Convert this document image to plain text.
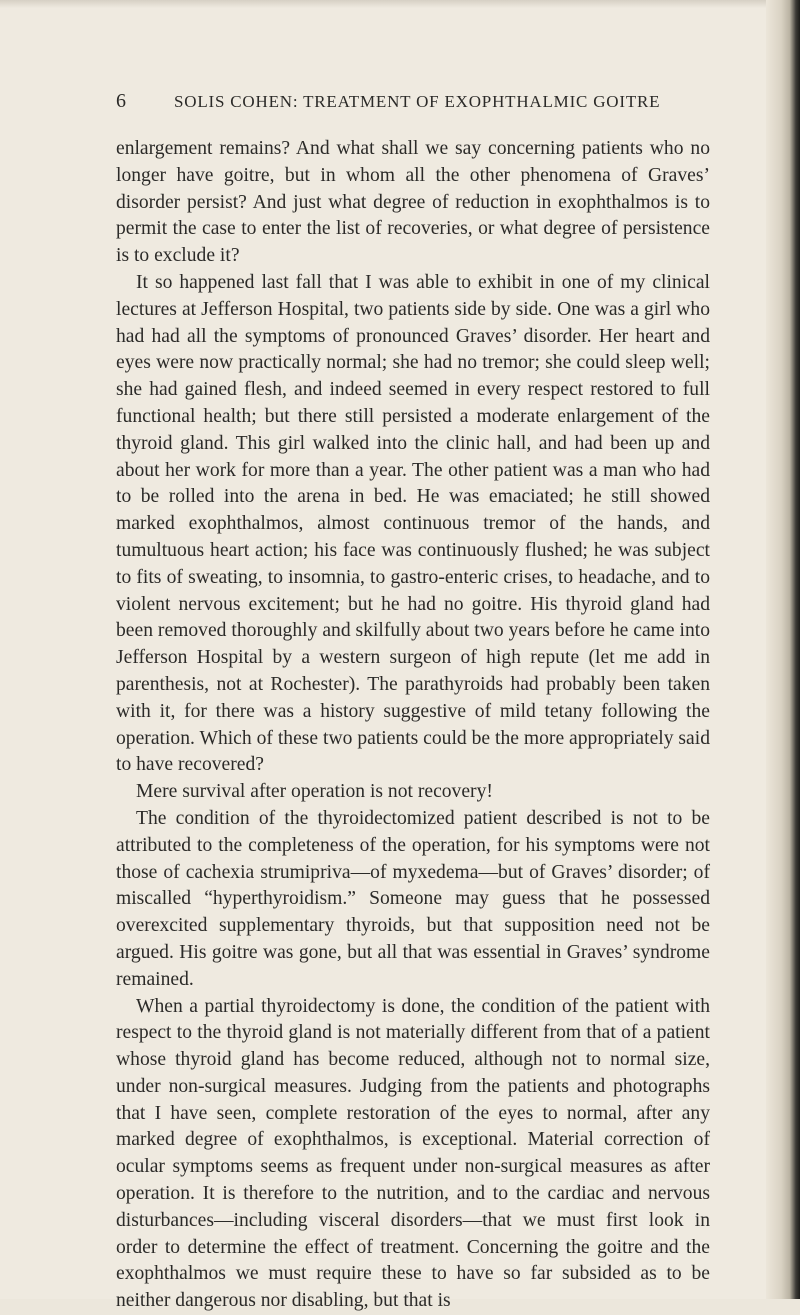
6	SOLIS COHEN: TREATMENT OF EXOPHTHALMIC GOITRE

enlargement remains? And what shall we say concerning patients who no longer have goitre, but in whom all the other phenomena of Graves’ disorder persist? And just what degree of reduction in exophthalmos is to permit the case to enter the list of recoveries, or what degree of persistence is to exclude it?

It so happened last fall that I was able to exhibit in one of my clinical lectures at Jefferson Hospital, two patients side by side. One was a girl who had had all the symptoms of pronounced Graves’ disorder. Her heart and eyes were now practically normal; she had no tremor; she could sleep well; she had gained flesh, and indeed seemed in every respect restored to full functional health; but there still persisted a moderate enlargement of the thyroid gland. This girl walked into the clinic hall, and had been up and about her work for more than a year. The other patient was a man who had to be rolled into the arena in bed. He was emaciated; he still showed marked exophthalmos, almost continuous tremor of the hands, and tumultuous heart action; his face was continuously flushed; he was subject to fits of sweating, to insomnia, to gastro-enteric crises, to headache, and to violent nervous excitement; but he had no goitre. His thyroid gland had been removed thoroughly and skilfully about two years before he came into Jefferson Hospital by a western surgeon of high repute (let me add in parenthesis, not at Rochester). The parathyroids had probably been taken with it, for there was a history suggestive of mild tetany following the operation. Which of these two patients could be the more appropriately said to have recovered?

Mere survival after operation is not recovery!

The condition of the thyroidectomized patient described is not to be attributed to the completeness of the operation, for his symptoms were not those of cachexia strumipriva—of myxedema—but of Graves’ disorder; of miscalled “hyperthyroidism.” Someone may guess that he possessed overexcited supplementary thyroids, but that supposition need not be argued. His goitre was gone, but all that was essential in Graves’ syndrome remained.

When a partial thyroidectomy is done, the condition of the patient with respect to the thyroid gland is not materially different from that of a patient whose thyroid gland has become reduced, although not to normal size, under non-surgical measures. Judging from the patients and photographs that I have seen, complete restoration of the eyes to normal, after any marked degree of exophthalmos, is exceptional. Material correction of ocular symptoms seems as frequent under non-surgical measures as after operation. It is therefore to the nutrition, and to the cardiac and nervous disturbances—including visceral disorders—that we must first look in order to determine the effect of treatment. Concerning the goitre and the exophthalmos we must require these to have so far subsided as to be neither dangerous nor disabling, but that is
